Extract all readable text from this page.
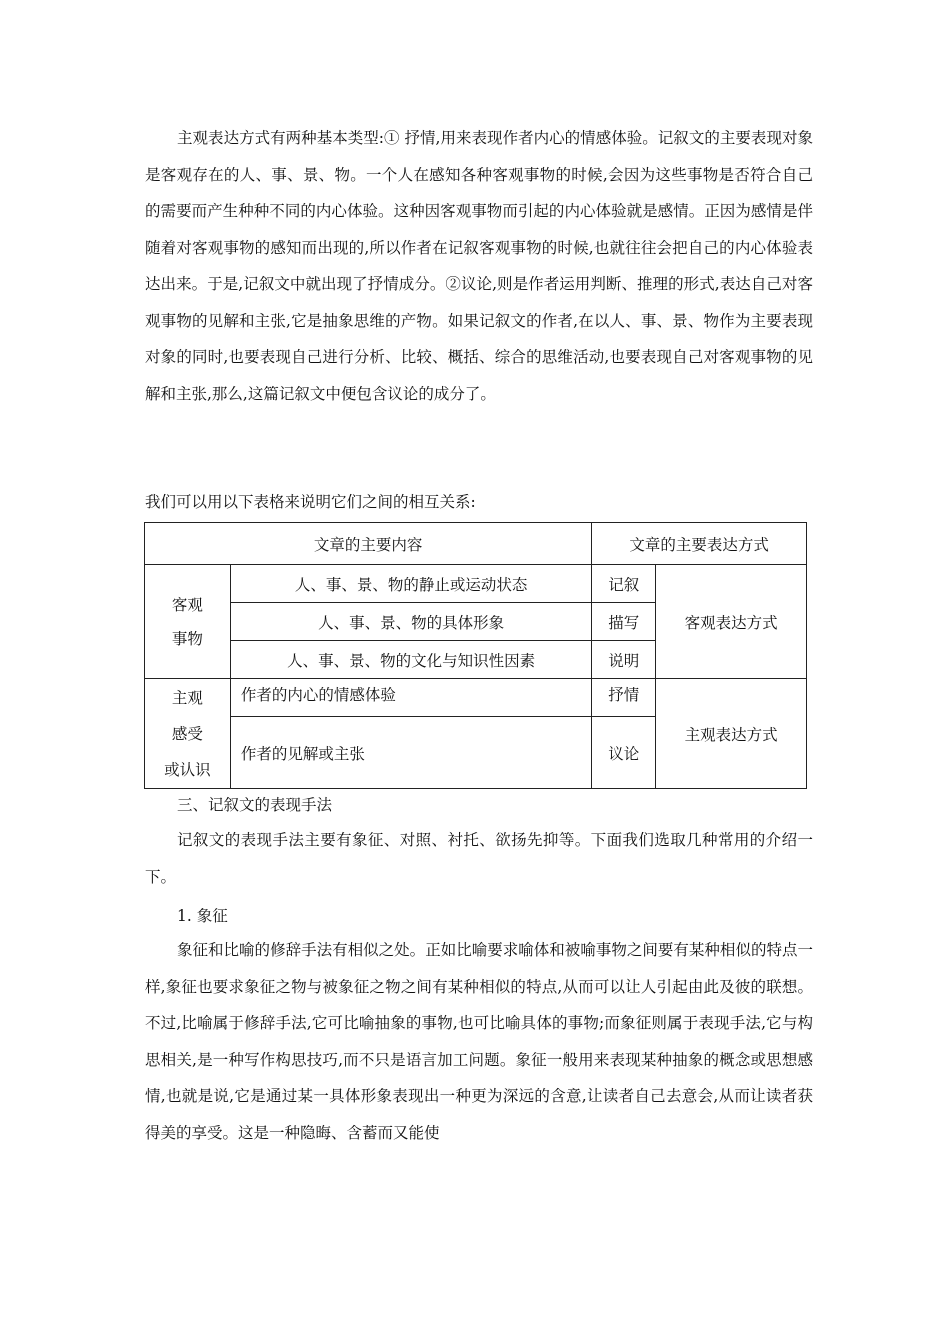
主观表达方式有两种基本类型:① 抒情,用来表现作者内心的情感体验。记叙文的主要表现对象是客观存在的人、事、景、物。一个人在感知各种客观事物的时候,会因为这些事物是否符合自己的需要而产生种种不同的内心体验。这种因客观事物而引起的内心体验就是感情。正因为感情是伴随着对客观事物的感知而出现的,所以作者在记叙客观事物的时候,也就往往会把自己的内心体验表达出来。于是,记叙文中就出现了抒情成分。②议论,则是作者运用判断、推理的形式,表达自己对客观事物的见解和主张,它是抽象思维的产物。如果记叙文的作者,在以人、事、景、物作为主要表现对象的同时,也要表现自己进行分析、比较、概括、综合的思维活动,也要表现自己对客观事物的见解和主张,那么,这篇记叙文中便包含议论的成分了。

我们可以用以下表格来说明它们之间的相互关系:

文章的主要内容		文章的主要表达方式	
客观
事物	人、事、景、物的静止或运动状态	记叙	客观表达方式
	人、事、景、物的具体形象	描写	
	人、事、景、物的文化与知识性因素	说明	
主观
感受
或认识	作者的内心的情感体验	抒情	主观表达方式
	作者的见解或主张	议论	

三、记叙文的表现手法

记叙文的表现手法主要有象征、对照、衬托、欲扬先抑等。下面我们选取几种常用的介绍一下。

1. 象征

象征和比喻的修辞手法有相似之处。正如比喻要求喻体和被喻事物之间要有某种相似的特点一样,象征也要求象征之物与被象征之物之间有某种相似的特点,从而可以让人引起由此及彼的联想。不过,比喻属于修辞手法,它可比喻抽象的事物,也可比喻具体的事物;而象征则属于表现手法,它与构思相关,是一种写作构思技巧,而不只是语言加工问题。象征一般用来表现某种抽象的概念或思想感情,也就是说,它是通过某一具体形象表现出一种更为深远的含意,让读者自己去意会,从而让读者获得美的享受。这是一种隐晦、含蓄而又能使
